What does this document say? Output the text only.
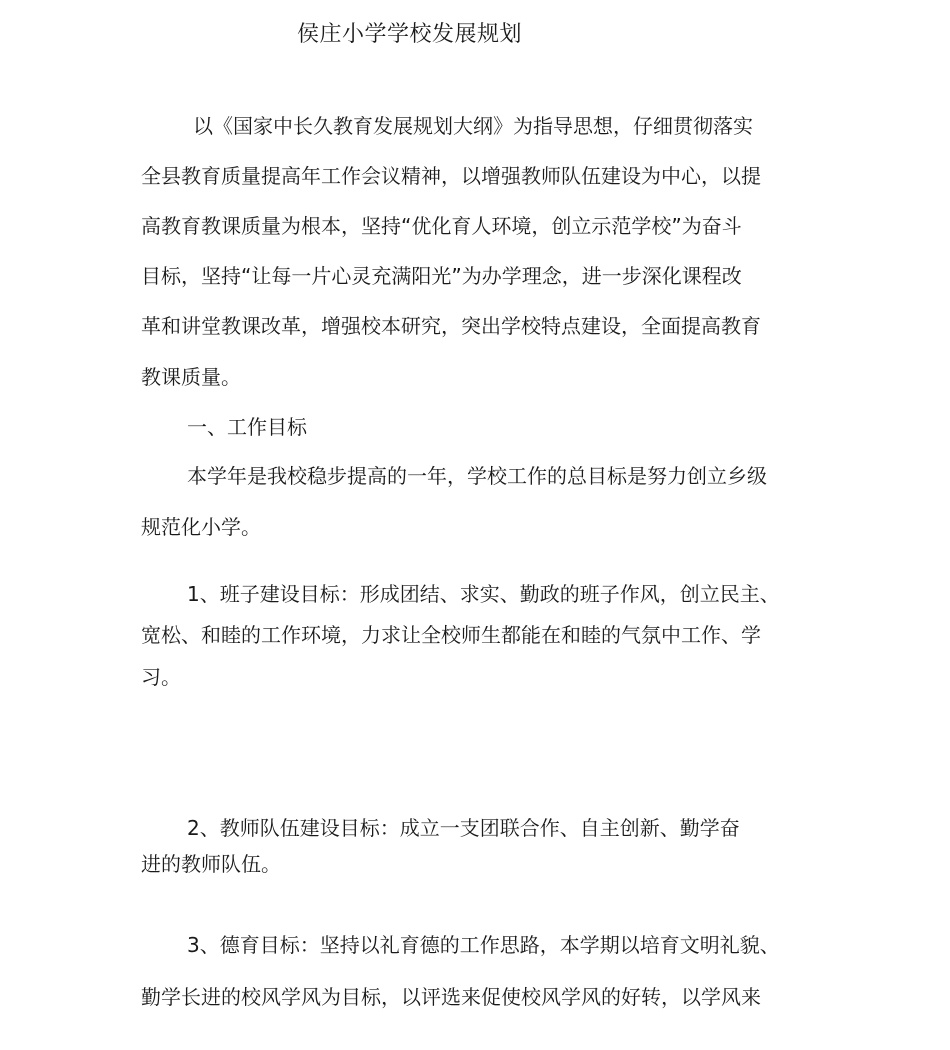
侯庄小学学校发展规划
以《国家中长久教育发展规划大纲》为指导思想，仔细贯彻落实
全县教育质量提高年工作会议精神，以增强教师队伍建设为中心，以提
高教育教课质量为根本，坚持“优化育人环境，创立示范学校”为奋斗
目标，坚持“让每一片心灵充满阳光”为办学理念，进一步深化课程改
革和讲堂教课改革，增强校本研究，突出学校特点建设，全面提高教育
教课质量。
一、工作目标
本学年是我校稳步提高的一年，学校工作的总目标是努力创立乡级
规范化小学。
1、班子建设目标：形成团结、求实、勤政的班子作风，创立民主、
宽松、和睦的工作环境，力求让全校师生都能在和睦的气氛中工作、学
习。
2、教师队伍建设目标：成立一支团联合作、自主创新、勤学奋
进的教师队伍。
3、德育目标：坚持以礼育德的工作思路，本学期以培育文明礼貌、
勤学长进的校风学风为目标，以评选来促使校风学风的好转，以学风来
